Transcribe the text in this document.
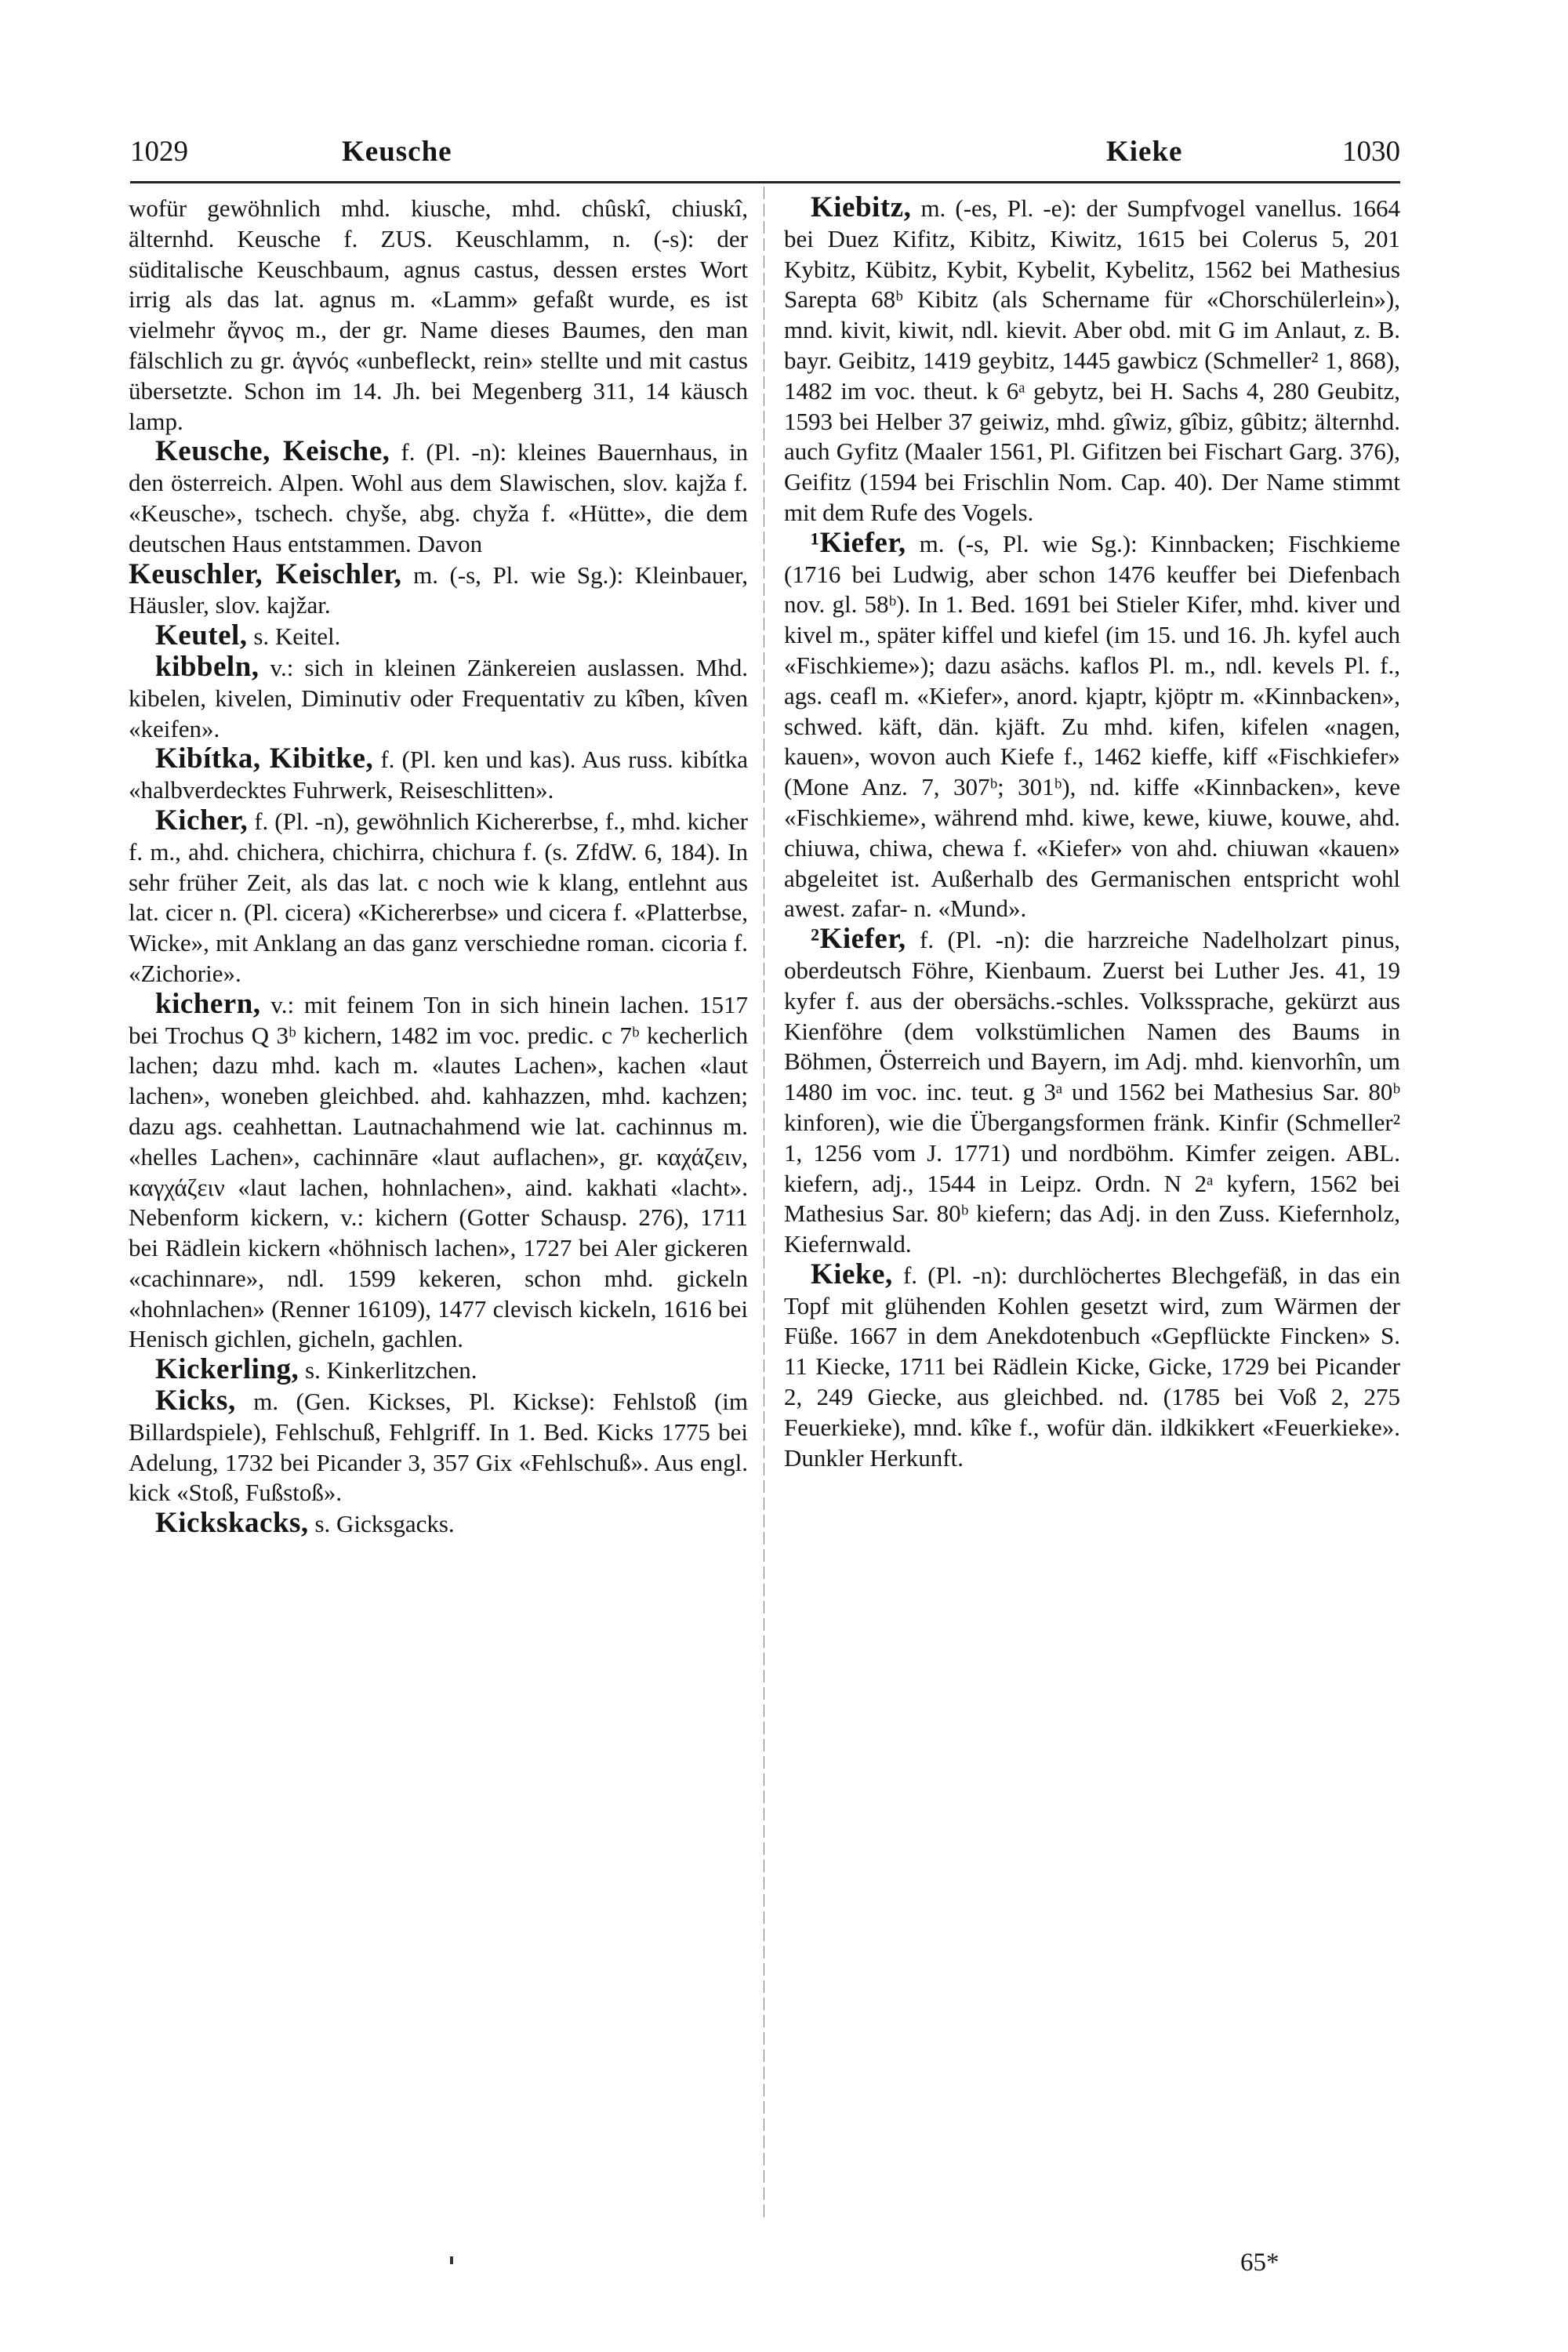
1029	Keusche	Kieke	1030

wofür gewöhnlich mhd. kiusche, mhd. chûskî, chiuskî, älternhd. Keusche f. ZUS. Keuschlamm, n. (-s): der süditalische Keuschbaum, agnus castus, dessen erstes Wort irrig als das lat. agnus m. «Lamm» gefaßt wurde, es ist vielmehr ἄγνος m., der gr. Name dieses Baumes, den man fälschlich zu gr. ἁγνός «unbefleckt, rein» stellte und mit castus übersetzte. Schon im 14. Jh. bei Megenberg 311, 14 käusch lamp.

Keusche, Keische, f. (Pl. -n): kleines Bauernhaus, in den österreich. Alpen. Wohl aus dem Slawischen, slov. kajža f. «Keusche», tschech. chyše, abg. chyža f. «Hütte», die dem deutschen Haus entstammen. Davon

Keuschler, Keischler, m. (-s, Pl. wie Sg.): Kleinbauer, Häusler, slov. kajžar.

Keutel, s. Keitel.

kibbeln, v.: sich in kleinen Zänkereien auslassen. Mhd. kibelen, kivelen, Diminutiv oder Frequentativ zu kîben, kîven «keifen».

Kibítka, Kibitke, f. (Pl. ken und kas). Aus russ. kibítka «halbverdecktes Fuhrwerk, Reiseschlitten».

Kicher, f. (Pl. -n), gewöhnlich Kichererbse, f., mhd. kicher f. m., ahd. chichera, chichirra, chichura f. (s. ZfdW. 6, 184). In sehr früher Zeit, als das lat. c noch wie k klang, entlehnt aus lat. cicer n. (Pl. cicera) «Kichererbse» und cicera f. «Platterbse, Wicke», mit Anklang an das ganz verschiedne roman. cicoria f. «Zichorie».

kichern, v.: mit feinem Ton in sich hinein lachen. 1517 bei Trochus Q 3ᵇ kichern, 1482 im voc. predic. c 7ᵇ kecherlich lachen; dazu mhd. kach m. «lautes Lachen», kachen «laut lachen», woneben gleichbed. ahd. kahhazzen, mhd. kachzen; dazu ags. ceahhettan. Lautnachahmend wie lat. cachinnus m. «helles Lachen», cachinnāre «laut auflachen», gr. καχάζειν, καγχάζειν «laut lachen, hohnlachen», aind. kakhati «lacht». Nebenform kickern, v.: kichern (Gotter Schausp. 276), 1711 bei Rädlein kickern «höhnisch lachen», 1727 bei Aler gickeren «cachinnare», ndl. 1599 kekeren, schon mhd. gickeln «hohnlachen» (Renner 16109), 1477 clevisch kickeln, 1616 bei Henisch gichlen, gicheln, gachlen.

Kickerling, s. Kinkerlitzchen.

Kicks, m. (Gen. Kickses, Pl. Kickse): Fehlstoß (im Billardspiele), Fehlschuß, Fehlgriff. In 1. Bed. Kicks 1775 bei Adelung, 1732 bei Picander 3, 357 Gix «Fehlschuß». Aus engl. kick «Stoß, Fußstoß».

Kickskacks, s. Gicksgacks.

Kiebitz, m. (-es, Pl. -e): der Sumpfvogel vanellus. 1664 bei Duez Kifitz, Kibitz, Kiwitz, 1615 bei Colerus 5, 201 Kybitz, Kübitz, Kybit, Kybelit, Kybelitz, 1562 bei Mathesius Sarepta 68ᵇ Kibitz (als Schername für «Chorschülerlein»), mnd. kivit, kiwit, ndl. kievit. Aber obd. mit G im Anlaut, z. B. bayr. Geibitz, 1419 geybitz, 1445 gawbicz (Schmeller² 1, 868), 1482 im voc. theut. k 6ᵃ gebytz, bei H. Sachs 4, 280 Geubitz, 1593 bei Helber 37 geiwiz, mhd. gîwiz, gîbiz, gûbitz; älternhd. auch Gyfitz (Maaler 1561, Pl. Gifitzen bei Fischart Garg. 376), Geifitz (1594 bei Frischlin Nom. Cap. 40). Der Name stimmt mit dem Rufe des Vogels.

¹Kiefer, m. (-s, Pl. wie Sg.): Kinnbacken; Fischkieme (1716 bei Ludwig, aber schon 1476 keuffer bei Diefenbach nov. gl. 58ᵇ). In 1. Bed. 1691 bei Stieler Kifer, mhd. kiver und kivel m., später kiffel und kiefel (im 15. und 16. Jh. kyfel auch «Fischkieme»); dazu asächs. kaflos Pl. m., ndl. kevels Pl. f., ags. ceafl m. «Kiefer», anord. kjaptr, kjöptr m. «Kinnbacken», schwed. käft, dän. kjäft. Zu mhd. kifen, kifelen «nagen, kauen», wovon auch Kiefe f., 1462 kieffe, kiff «Fischkiefer» (Mone Anz. 7, 307ᵇ; 301ᵇ), nd. kiffe «Kinnbacken», keve «Fischkieme», während mhd. kiwe, kewe, kiuwe, kouwe, ahd. chiuwa, chiwa, chewa f. «Kiefer» von ahd. chiuwan «kauen» abgeleitet ist. Außerhalb des Germanischen entspricht wohl awest. zafar- n. «Mund».

²Kiefer, f. (Pl. -n): die harzreiche Nadelholzart pinus, oberdeutsch Föhre, Kienbaum. Zuerst bei Luther Jes. 41, 19 kyfer f. aus der obersächs.-schles. Volkssprache, gekürzt aus Kienföhre (dem volkstümlichen Namen des Baums in Böhmen, Österreich und Bayern, im Adj. mhd. kienvorhîn, um 1480 im voc. inc. teut. g 3ᵃ und 1562 bei Mathesius Sar. 80ᵇ kinforen), wie die Übergangsformen fränk. Kinfir (Schmeller² 1, 1256 vom J. 1771) und nordböhm. Kimfer zeigen. ABL. kiefern, adj., 1544 in Leipz. Ordn. N 2ᵃ kyfern, 1562 bei Mathesius Sar. 80ᵇ kiefern; das Adj. in den Zuss. Kiefernholz, Kiefernwald.

Kieke, f. (Pl. -n): durchlöchertes Blechgefäß, in das ein Topf mit glühenden Kohlen gesetzt wird, zum Wärmen der Füße. 1667 in dem Anekdotenbuch «Gepflückte Fincken» S. 11 Kiecke, 1711 bei Rädlein Kicke, Gicke, 1729 bei Picander 2, 249 Giecke, aus gleichbed. nd. (1785 bei Voß 2, 275 Feuerkieke), mnd. kîke f., wofür dän. ildkikkert «Feuerkieke». Dunkler Herkunft.

65*
